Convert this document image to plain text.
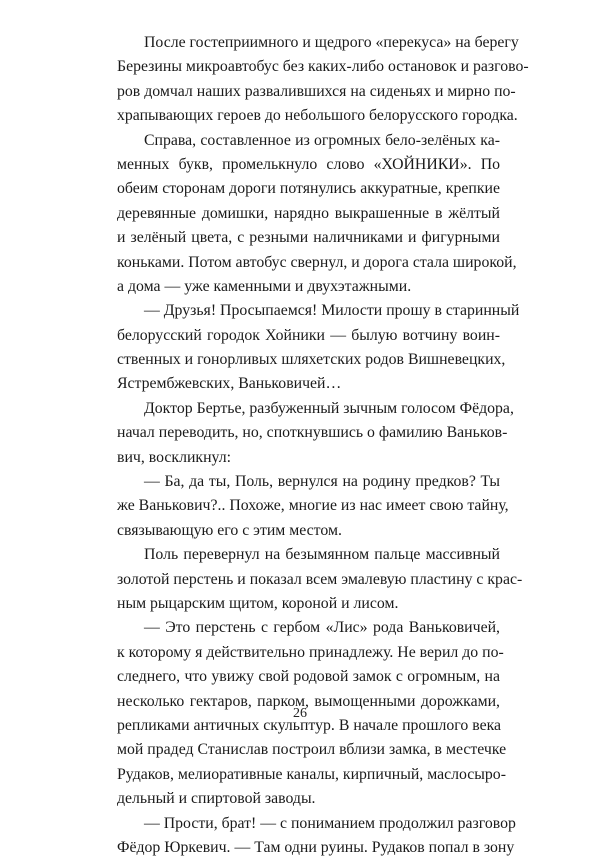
После гостеприимного и щедрого «перекуса» на берегу
Березины микроавтобус без каких-либо остановок и разгово-
ров домчал наших развалившихся на сиденьях и мирно по-
храпывающих героев до небольшого белорусского городка.
Справа, составленное из огромных бело-зелёных ка-
менных букв, промелькнуло слово «ХОЙНИКИ». По
обеим сторонам дороги потянулись аккуратные, крепкие
деревянные домишки, нарядно выкрашенные в жёлтый
и зелёный цвета, с резными наличниками и фигурными
коньками. Потом автобус свернул, и дорога стала широкой,
а дома — уже каменными и двухэтажными.
— Друзья! Просыпаемся! Милости прошу в старинный
белорусский городок Хойники — былую вотчину воин-
ственных и гонорливых шляхетских родов Вишневецких,
Ястрембжевских, Ваньковичей…
Доктор Бертье, разбуженный зычным голосом Фёдора,
начал переводить, но, споткнувшись о фамилию Ваньков-
вич, воскликнул:
— Ба, да ты, Поль, вернулся на родину предков? Ты
же Ванькович?.. Похоже, многие из нас имеет свою тайну,
связывающую его с этим местом.
Поль перевернул на безымянном пальце массивный
золотой перстень и показал всем эмалевую пластину с крас-
ным рыцарским щитом, короной и лисом.
— Это перстень с гербом «Лис» рода Ваньковичей,
к которому я действительно принадлежу. Не верил до по-
следнего, что увижу свой родовой замок с огромным, на
несколько гектаров, парком, вымощенными дорожками,
репликами античных скульптур. В начале прошлого века
мой прадед Станислав построил вблизи замка, в местечке
Рудаков, мелиоративные каналы, кирпичный, маслосыро-
дельный и спиртовой заводы.
— Прости, брат! — с пониманием продолжил разговор
Фёдор Юркевич. — Там одни руины. Рудаков попал в зону
26
